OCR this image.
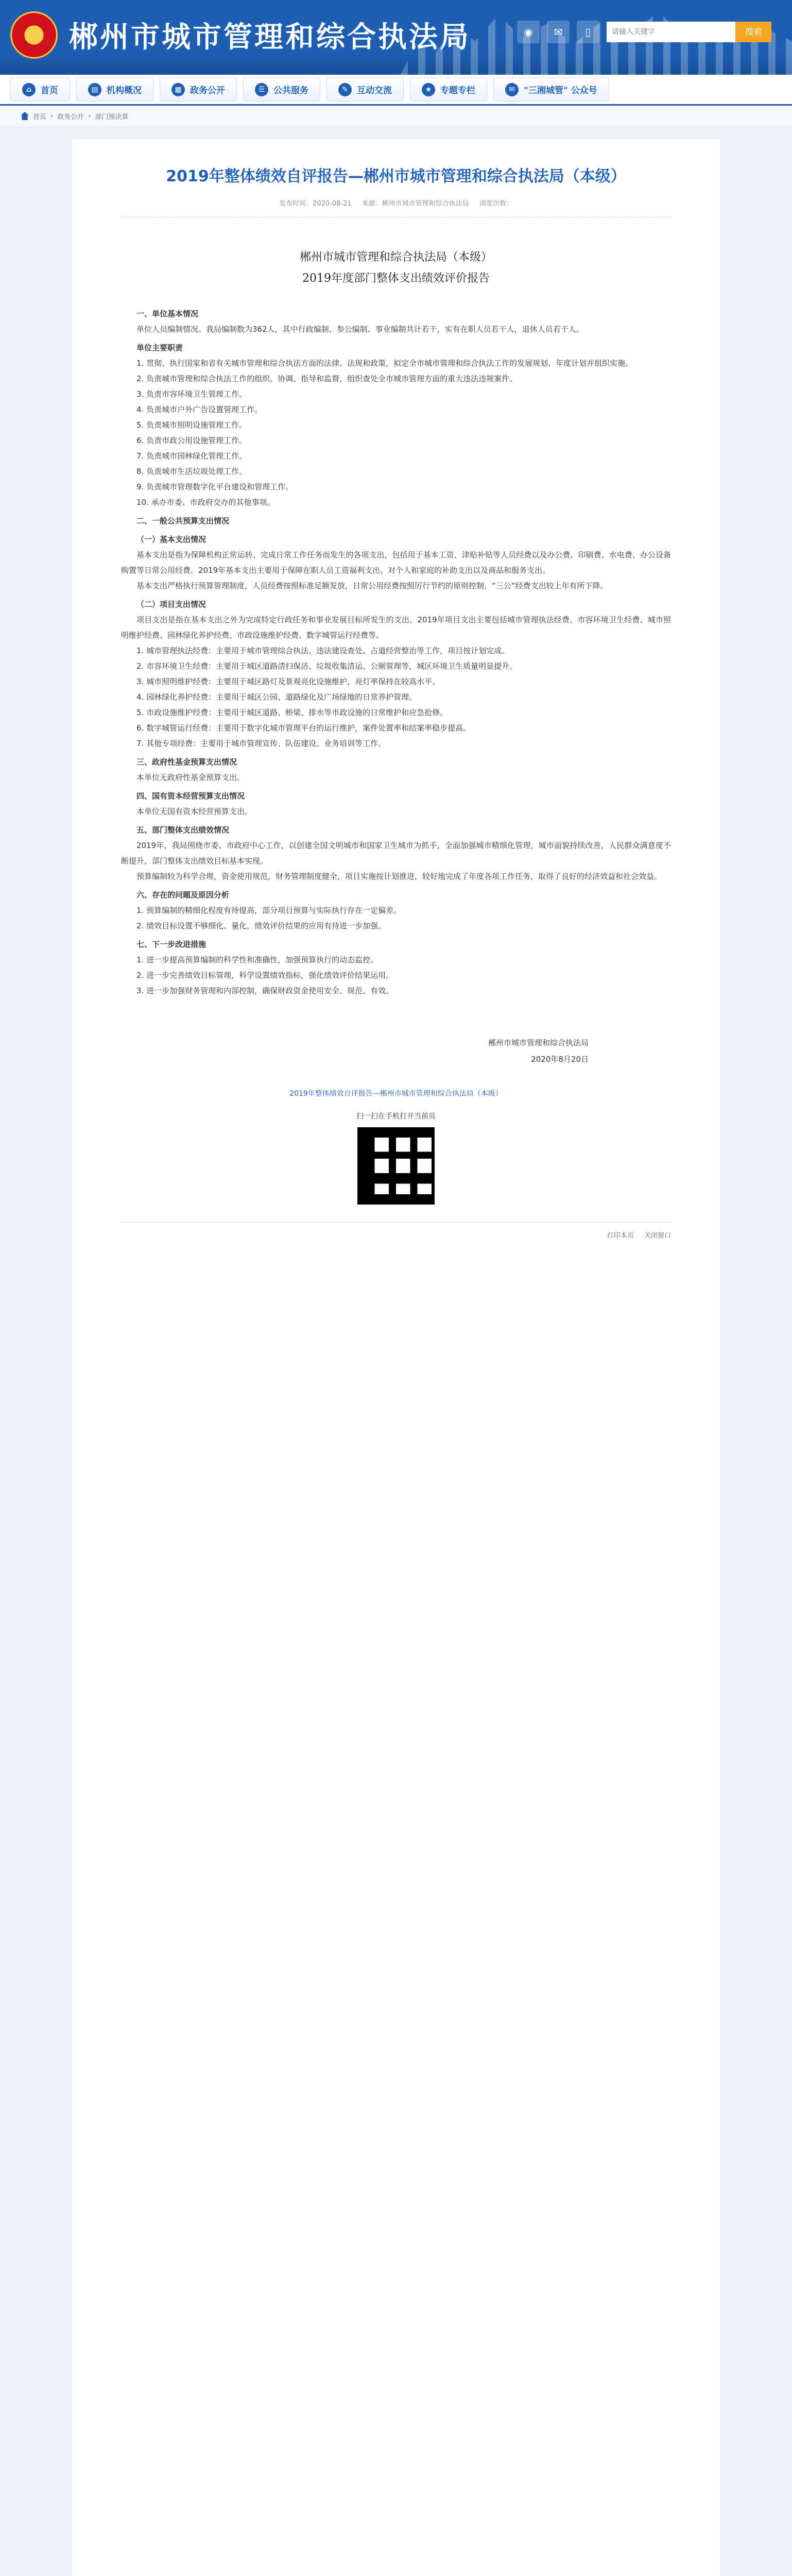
郴州市城市管理和综合执法局	◉	✉	▯
请输入关键字	搜索
⌂	首页	▤ 机构概况	▦ 政务公开	☰ 公共服务	✎	互动交流	★ 专题专栏	✉	"三湘城管" 公众号
首页 › 政务公开 › 部门预决算
2019年整体绩效自评报告—郴州市城市管理和综合执法局（本级）
发布时间：2020-08-21 来源：郴州市城市管理和综合执法局 浏览次数：
郴州市城市管理和综合执法局（本级）
2019年度部门整体支出绩效评价报告

一、单位基本情况

单位人员编制情况。我局编制数为362人，其中行政编制、参公编制、事业编制共计若干，实有在职人员若干人，退休人员若干人。

单位主要职责

1. 贯彻、执行国家和省有关城市管理和综合执法方面的法律、法规和政策，拟定全市城市管理和综合执法工作的发展规划、年度计划并组织实施。

2. 负责城市管理和综合执法工作的组织、协调、指导和监督，组织查处全市城市管理方面的重大违法违规案件。

3. 负责市容环境卫生管理工作。

4. 负责城市户外广告设置管理工作。

5. 负责城市照明设施管理工作。

6. 负责市政公用设施管理工作。

7. 负责城市园林绿化管理工作。

8. 负责城市生活垃圾处理工作。

9. 负责城市管理数字化平台建设和管理工作。

10. 承办市委、市政府交办的其他事项。

二、一般公共预算支出情况

（一）基本支出情况

基本支出是指为保障机构正常运转、完成日常工作任务而发生的各项支出，包括用于基本工资、津贴补贴等人员经费以及办公费、印刷费、水电费、办公设备购置等日常公用经费。2019年基本支出主要用于保障在职人员工资福利支出、对个人和家庭的补助支出以及商品和服务支出。

基本支出严格执行预算管理制度，人员经费按照标准足额发放，日常公用经费按照厉行节约的原则控制，“三公”经费支出较上年有所下降。

（二）项目支出情况

项目支出是指在基本支出之外为完成特定行政任务和事业发展目标所发生的支出。2019年项目支出主要包括城市管理执法经费、市容环境卫生经费、城市照明维护经费、园林绿化养护经费、市政设施维护经费、数字城管运行经费等。

1. 城市管理执法经费：主要用于城市管理综合执法、违法建设查处、占道经营整治等工作，项目按计划完成。

2. 市容环境卫生经费：主要用于城区道路清扫保洁、垃圾收集清运、公厕管理等，城区环境卫生质量明显提升。

3. 城市照明维护经费：主要用于城区路灯及景观亮化设施维护，亮灯率保持在较高水平。

4. 园林绿化养护经费：主要用于城区公园、道路绿化及广场绿地的日常养护管理。

5. 市政设施维护经费：主要用于城区道路、桥梁、排水等市政设施的日常维护和应急抢修。

6. 数字城管运行经费：主要用于数字化城市管理平台的运行维护，案件处置率和结案率稳步提高。

7. 其他专项经费：主要用于城市管理宣传、队伍建设、业务培训等工作。

三、政府性基金预算支出情况

本单位无政府性基金预算支出。

四、国有资本经营预算支出情况

本单位无国有资本经营预算支出。

五、部门整体支出绩效情况

2019年，我局围绕市委、市政府中心工作，以创建全国文明城市和国家卫生城市为抓手，全面加强城市精细化管理，城市面貌持续改善，人民群众满意度不断提升，部门整体支出绩效目标基本实现。

预算编制较为科学合理，资金使用规范，财务管理制度健全，项目实施按计划推进，较好地完成了年度各项工作任务，取得了良好的经济效益和社会效益。

六、存在的问题及原因分析

1. 预算编制的精细化程度有待提高，部分项目预算与实际执行存在一定偏差。

2. 绩效目标设置不够细化、量化，绩效评价结果的应用有待进一步加强。

七、下一步改进措施

1. 进一步提高预算编制的科学性和准确性，加强预算执行的动态监控。

2. 进一步完善绩效目标管理，科学设置绩效指标，强化绩效评价结果运用。

3. 进一步加强财务管理和内部控制，确保财政资金使用安全、规范、有效。

郴州市城市管理和综合执法局
2020年8月20日
2019年整体绩效自评报告—郴州市城市管理和综合执法局（本级）
扫一扫在手机打开当前页
打印本页 关闭窗口
